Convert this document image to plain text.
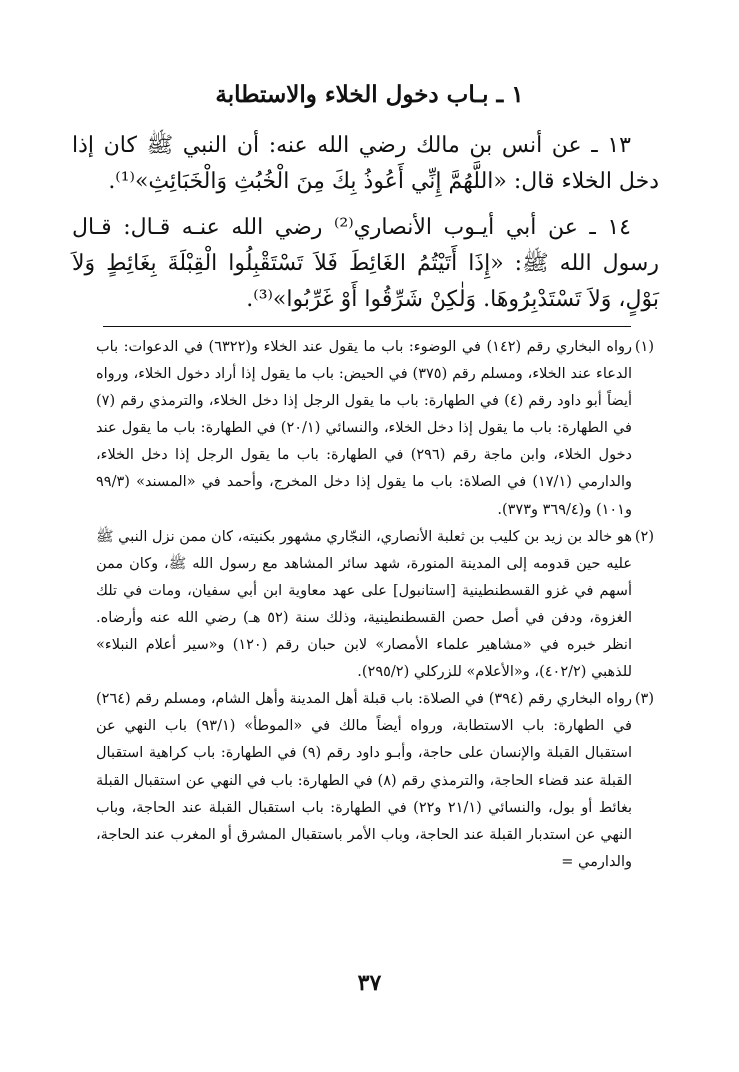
١ ـ بـاب دخول الخلاء والاستطابة

١٣ ـ عن أنس بن مالك رضي الله عنه: أن النبي ﷺ كان إذا دخل الخلاء قال: «اللَّهُمَّ إِنِّي أَعُوذُ بِكَ مِنَ الْخُبُثِ وَالْخَبَائِثِ»⁽¹⁾.

١٤ ـ عن أبي أيـوب الأنصاري⁽²⁾ رضي الله عنـه قـال: قـال رسول الله ﷺ: «إِذَا أَتَيْتُمُ الغَائِطَ فَلاَ تَسْتَقْبِلُوا الْقِبْلَةَ بِغَائِطٍ وَلاَ بَوْلٍ، وَلاَ تَسْتَدْبِرُوهَا. وَلٰكِنْ شَرِّقُوا أَوْ غَرِّبُوا»⁽³⁾.

(١)
رواه البخاري رقم (١٤٢) في الوضوء: باب ما يقول عند الخلاء و(٦٣٢٢) في الدعوات: باب الدعاء عند الخلاء، ومسلم رقم (٣٧٥) في الحيض: باب ما يقول إذا أراد دخول الخلاء، ورواه أيضاً أبو داود رقم (٤) في الطهارة: باب ما يقول الرجل إذا دخل الخلاء، والترمذي رقم (٧) في الطهارة: باب ما يقول إذا دخل الخلاء، والنسائي (٢٠/١) في الطهارة: باب ما يقول عند دخول الخلاء، وابن ماجة رقم (٢٩٦) في الطهارة: باب ما يقول الرجل إذا دخل الخلاء، والدارمي (١٧/١) في الصلاة: باب ما يقول إذا دخل المخرج، وأحمد في «المسند» (٩٩/٣ و١٠١) و(٣٦٩/٤ و٣٧٣).
(٢)
هو خالد بن زيد بن كليب بن ثعلبة الأنصاري، النجّاري مشهور بكنيته، كان ممن نزل النبي ﷺ عليه حين قدومه إلى المدينة المنورة، شهد سائر المشاهد مع رسول الله ﷺ، وكان ممن أسهم في غزو القسطنطينية [استانبول] على عهد معاوية ابن أبي سفيان، ومات في تلك الغزوة، ودفن في أصل حصن القسطنطينية، وذلك سنة (٥٢ هـ) رضي الله عنه وأرضاه. انظر خبره في «مشاهير علماء الأمصار» لابن حبان رقم (١٢٠) و«سير أعلام النبلاء» للذهبي (٤٠٢/٢)، و«الأعلام» للزركلي (٢٩٥/٢).
(٣)
رواه البخاري رقم (٣٩٤) في الصلاة: باب قبلة أهل المدينة وأهل الشام، ومسلم رقم (٢٦٤) في الطهارة: باب الاستطابة، ورواه أيضاً مالك في «الموطأ» (٩٣/١) باب النهي عن استقبال القبلة والإنسان على حاجة، وأبـو داود رقم (٩) في الطهارة: باب كراهية استقبال القبلة عند قضاء الحاجة، والترمذي رقم (٨) في الطهارة: باب في النهي عن استقبال القبلة بغائط أو بول، والنسائي (٢١/١ و٢٢) في الطهارة: باب استقبال القبلة عند الحاجة، وباب النهي عن استدبار القبلة عند الحاجة، وباب الأمر باستقبال المشرق أو المغرب عند الحاجة، والدارمي =
٣٧
